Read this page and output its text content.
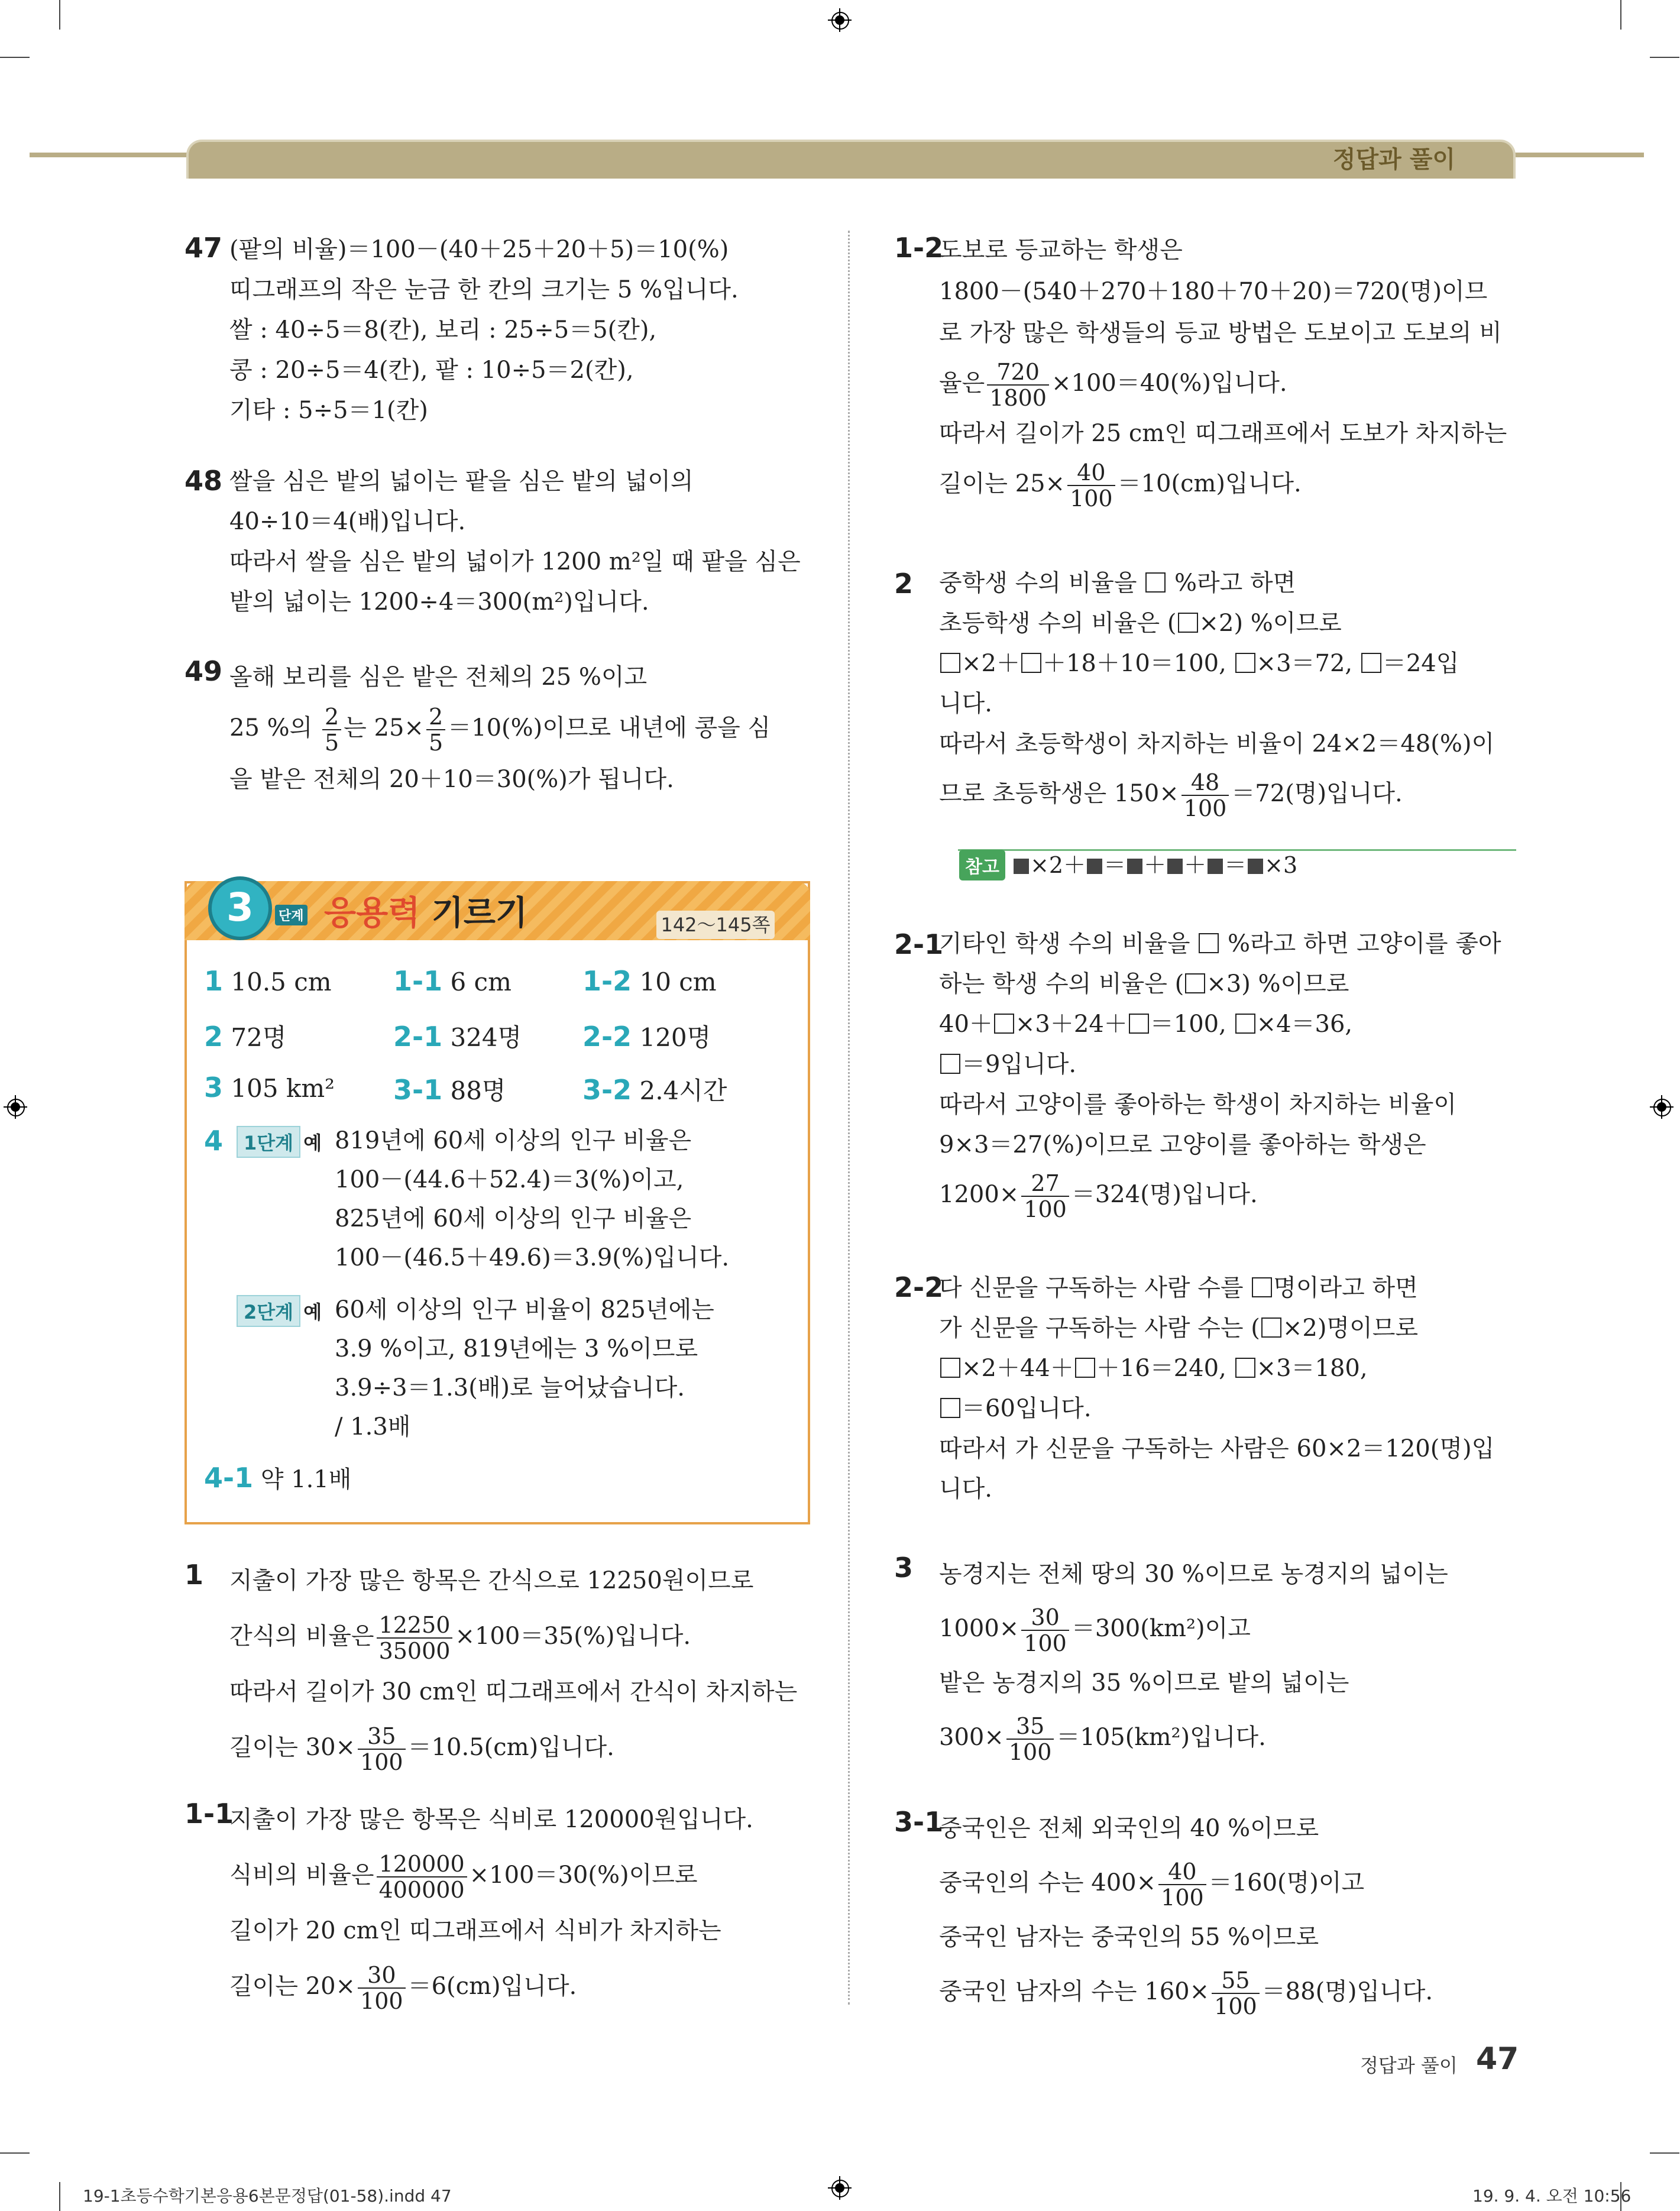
정답과 풀이
47 (팥의 비율)＝100－(40＋25＋20＋5)＝10(%)
띠그래프의 작은 눈금 한 칸의 크기는 5 %입니다.
쌀 : 40÷5＝8(칸), 보리 : 25÷5＝5(칸),
콩 : 20÷5＝4(칸), 팥 : 10÷5＝2(칸),
기타 : 5÷5＝1(칸)
48 쌀을 심은 밭의 넓이는 팥을 심은 밭의 넓이의
40÷10＝4(배)입니다.
따라서 쌀을 심은 밭의 넓이가 1200 m²일 때 팥을 심은
밭의 넓이는 1200÷4＝300(m²)입니다.
49 올해 보리를 심은 밭은 전체의 25 %이고
25 %의 $\frac{2}{5}$ 는 $25\times \frac{2}{5} =10(\%)$이므로 내년에 콩을 심
을 밭은 전체의 20＋10＝30(%)가 됩니다.
3	단계 응용력 기르기	142～145쪽
1 10.5 cm 1-1 6 cm	1-2 10 cm
2 72명	2-1 324명 2-2 120명
3 105 km² 3-1 88명	3-2 2.4시간
4	1단계 예 819년에 60세 이상의 인구 비율은
100－(44.6＋52.4)＝3(%)이고,
825년에 60세 이상의 인구 비율은
100－(46.5＋49.6)＝3.9(%)입니다.
2단계 예 60세 이상의 인구 비율이 825년에는
3.9 %이고, 819년에는 3 %이므로
3.9÷3＝1.3(배)로 늘어났습니다.
/ 1.3배
4-1 약 1.1배
1 지출이 가장 많은 항목은 간식으로 12250원이므로
간식의 비율은 $\frac{12250}{35000} \times 100=35(\%)$입니다.
따라서 길이가 30 cm인 띠그래프에서 간식이 차지하는
길이는 $30\times \frac{35}{100} =10.5(cm)$입니다.
1-1
지출이 가장 많은 항목은 식비로 120000원입니다.
식비의 비율은 $\frac{120000}{400000} \times 100=30(\%)$이므로
길이가 20 cm인 띠그래프에서 식비가 차지하는
길이는 $20\times \frac{30}{100} =6(cm)$입니다.
1-2
도보로 등교하는 학생은
1800－(540＋270＋180＋70＋20)＝720(명)이므
로 가장 많은 학생들의 등교 방법은 도보이고 도보의 비
율은 $\frac{720}{1800} \times 100=40(\%)$입니다.
따라서 길이가 25 cm인 띠그래프에서 도보가 차지하는
길이는 $25\times \frac{40}{100} =10(cm)$입니다.
2 중학생 수의 비율을 %라고 하면
초등학생 수의 비율은 ( ×2) %이므로
×2＋ ＋18＋10＝100, ×3＝72, ＝24입
니다.
따라서 초등학생이 차지하는 비율이 24×2＝48(%)이
므로 초등학생은 $150\times \frac{48}{100} =72$(명)입니다.
참고 ×2＋ ＝ ＋ ＋ ＝ ×3
2-1
기타인 학생 수의 비율을 %라고 하면 고양이를 좋아
하는 학생 수의 비율은 ( ×3) %이므로
40＋ ×3＋24＋ ＝100, ×4＝36,
＝9입니다.
따라서 고양이를 좋아하는 학생이 차지하는 비율이
9×3＝27(%)이므로 고양이를 좋아하는 학생은
$1200\times \frac{27}{100} =324$(명)입니다.
2-2
다 신문을 구독하는 사람 수를 명이라고 하면
가 신문을 구독하는 사람 수는 ( ×2)명이므로
×2＋44＋ ＋16＝240, ×3＝180,
＝60입니다.
따라서 가 신문을 구독하는 사람은 60×2＝120(명)입
니다.
3 농경지는 전체 땅의 30 %이므로 농경지의 넓이는
$1000\times \frac{30}{100} =300(km^2)$이고
밭은 농경지의 35 %이므로 밭의 넓이는
$300\times \frac{35}{100} =105(km^2)$입니다.
3-1
중국인은 전체 외국인의 40 %이므로
중국인의 수는 $400\times \frac{40}{100} =160$(명)이고
중국인 남자는 중국인의 55 %이므로
중국인 남자의 수는 $160\times \frac{55}{100} =88$(명)입니다.
정답과 풀이 47
19-1초등수학기본응용6본문정답(01-58).indd 47	19. 9. 4. 오전 10:56
